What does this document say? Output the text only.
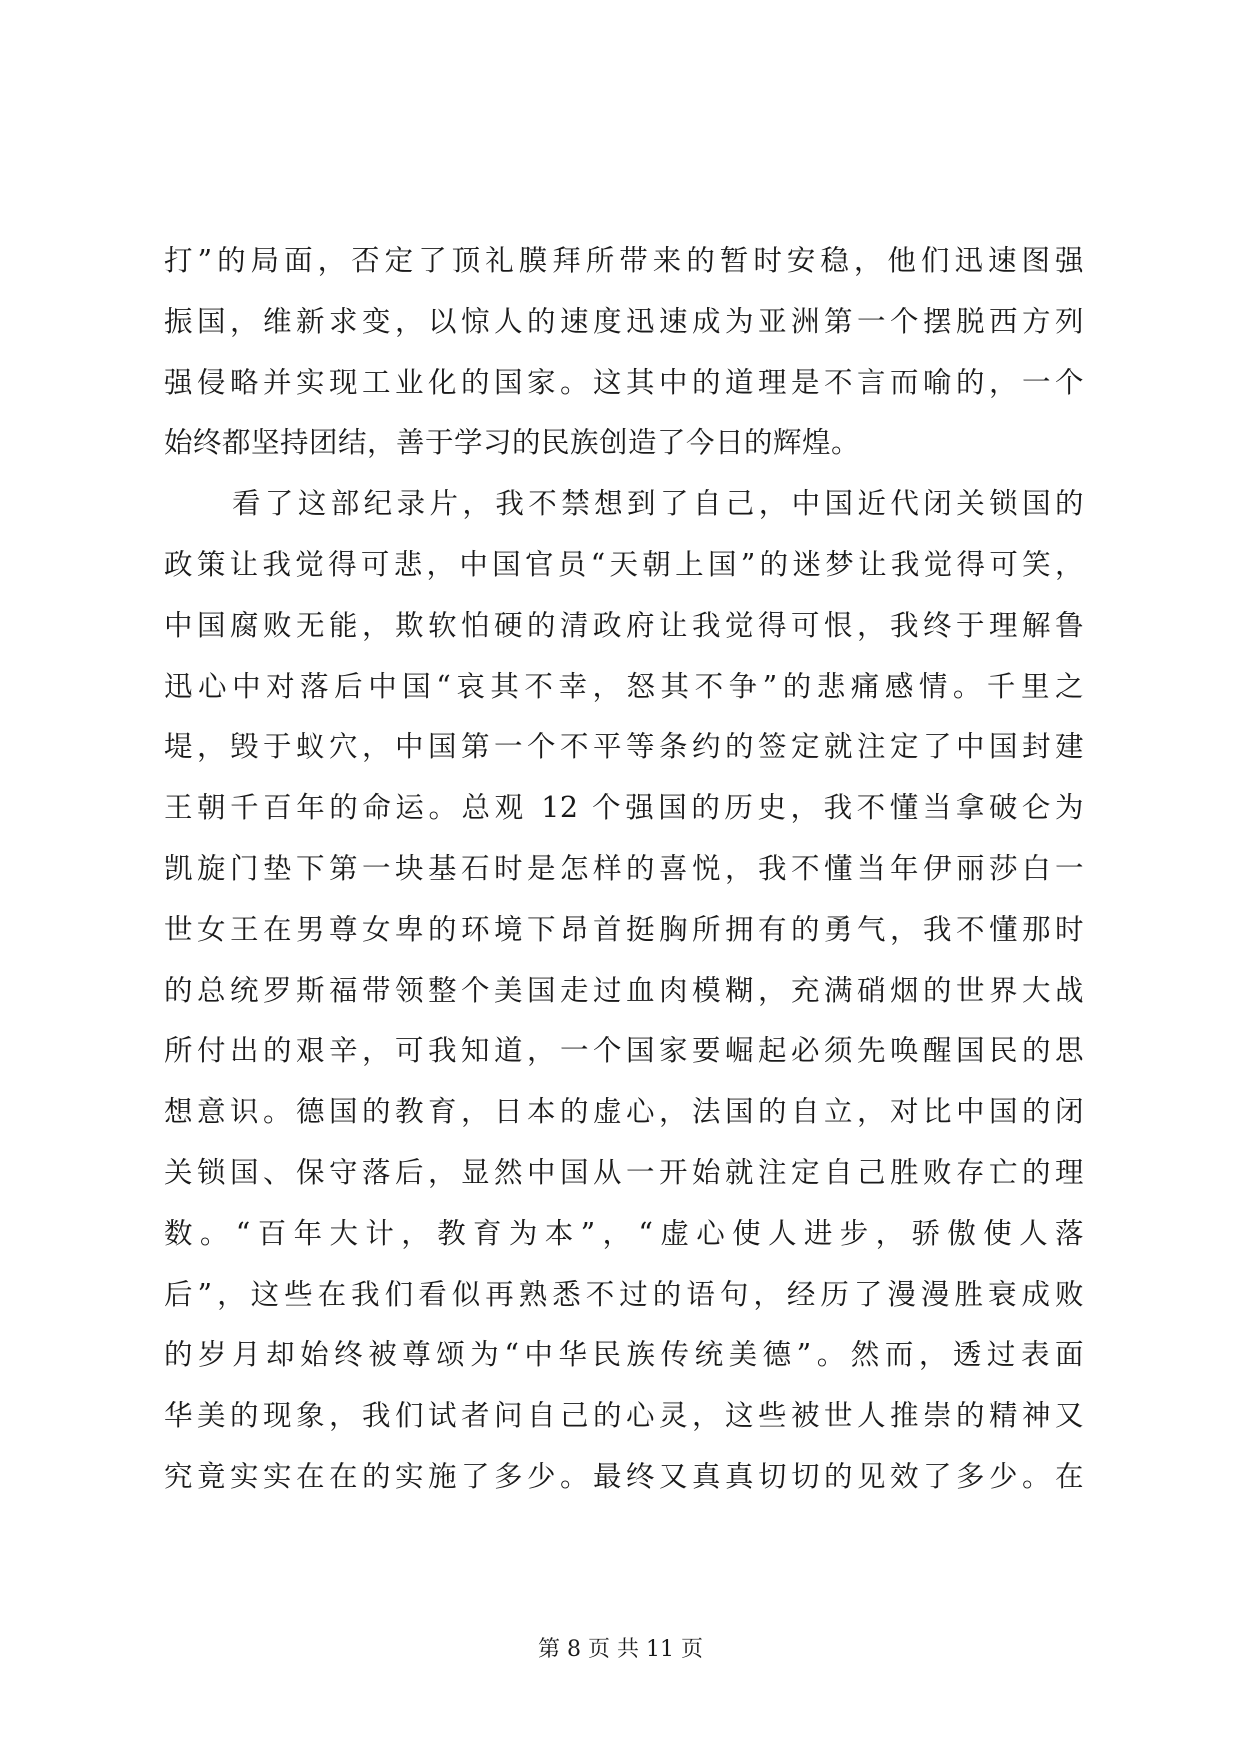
打”的局面，否定了顶礼膜拜所带来的暂时安稳，他们迅速图强
振国，维新求变，以惊人的速度迅速成为亚洲第一个摆脱西方列
强侵略并实现工业化的国家。这其中的道理是不言而喻的，一个
始终都坚持团结，善于学习的民族创造了今日的辉煌。
看了这部纪录片，我不禁想到了自己，中国近代闭关锁国的
政策让我觉得可悲，中国官员“天朝上国”的迷梦让我觉得可笑，
中国腐败无能，欺软怕硬的清政府让我觉得可恨，我终于理解鲁
迅心中对落后中国“哀其不幸，怒其不争”的悲痛感情。千里之
堤，毁于蚁穴，中国第一个不平等条约的签定就注定了中国封建
王朝千百年的命运。总观 12 个强国的历史，我不懂当拿破仑为
凯旋门垫下第一块基石时是怎样的喜悦，我不懂当年伊丽莎白一
世女王在男尊女卑的环境下昂首挺胸所拥有的勇气，我不懂那时
的总统罗斯福带领整个美国走过血肉模糊，充满硝烟的世界大战
所付出的艰辛，可我知道，一个国家要崛起必须先唤醒国民的思
想意识。德国的教育，日本的虚心，法国的自立，对比中国的闭
关锁国、保守落后，显然中国从一开始就注定自己胜败存亡的理
数。“百年大计，教育为本”，“虚心使人进步，骄傲使人落
后”，这些在我们看似再熟悉不过的语句，经历了漫漫胜衰成败
的岁月却始终被尊颂为“中华民族传统美德”。然而，透过表面
华美的现象，我们试者问自己的心灵，这些被世人推崇的精神又
究竟实实在在的实施了多少。最终又真真切切的见效了多少。在
第 8 页 共 11 页
